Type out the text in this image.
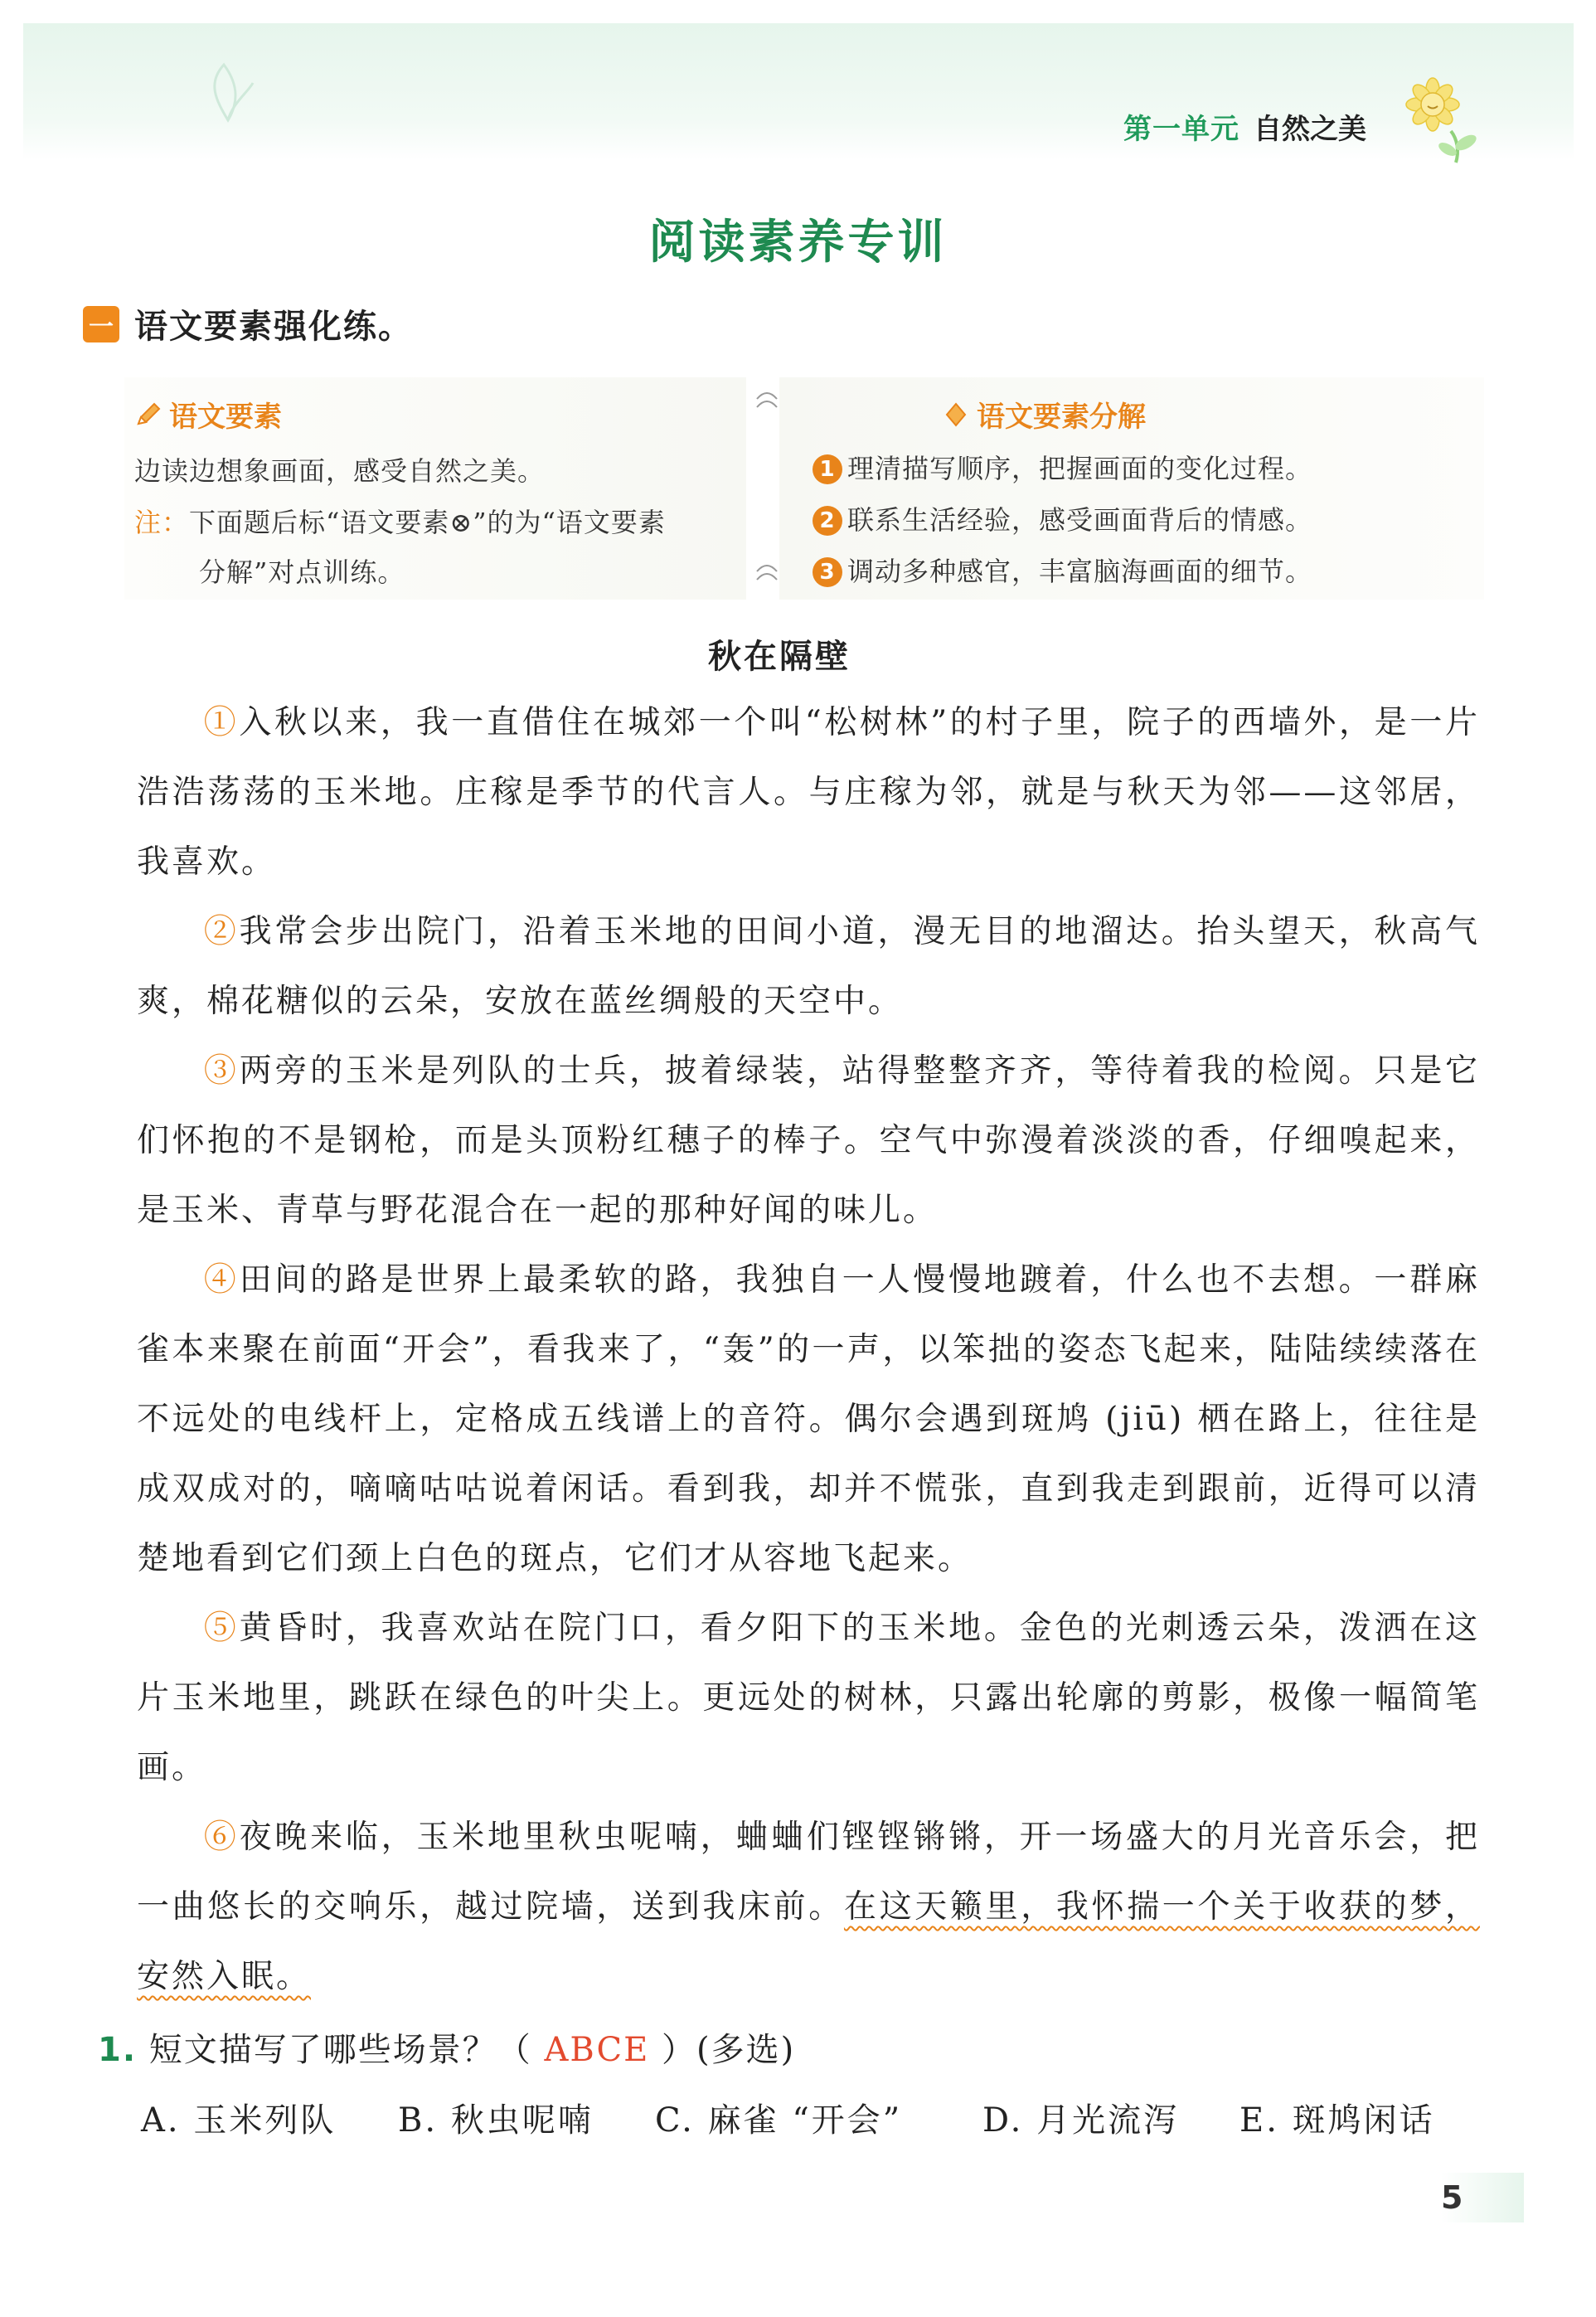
第一单元 自然之美
阅读素养专训
一 语文要素强化练。
语文要素
边读边想象画面，感受自然之美。
注：下面题后标“语文要素⊗”的为“语文要素
分解”对点训练。
语文要素分解
1 理清描写顺序，把握画面的变化过程。
2 联系生活经验，感受画面背后的情感。
3 调动多种感官，丰富脑海画面的细节。
秋在隔壁
①入秋以来，我一直借住在城郊一个叫“松树林”的村子里，院子的西墙外，是一片浩浩荡荡的玉米地。庄稼是季节的代言人。与庄稼为邻，就是与秋天为邻——这邻居，我喜欢。
②我常会步出院门，沿着玉米地的田间小道，漫无目的地溜达。抬头望天，秋高气爽，棉花糖似的云朵，安放在蓝丝绸般的天空中。
③两旁的玉米是列队的士兵，披着绿装，站得整整齐齐，等待着我的检阅。只是它们怀抱的不是钢枪，而是头顶粉红穗子的棒子。空气中弥漫着淡淡的香，仔细嗅起来，是玉米、青草与野花混合在一起的那种好闻的味儿。
④田间的路是世界上最柔软的路，我独自一人慢慢地踱着，什么也不去想。一群麻雀本来聚在前面“开会”，看我来了，“轰”的一声，以笨拙的姿态飞起来，陆陆续续落在不远处的电线杆上，定格成五线谱上的音符。偶尔会遇到斑鸠 (jiū) 栖在路上，往往是成双成对的，嘀嘀咕咕说着闲话。看到我，却并不慌张，直到我走到跟前，近得可以清楚地看到它们颈上白色的斑点，它们才从容地飞起来。
⑤黄昏时，我喜欢站在院门口，看夕阳下的玉米地。金色的光刺透云朵，泼洒在这片玉米地里，跳跃在绿色的叶尖上。更远处的树林，只露出轮廓的剪影，极像一幅简笔画。
⑥夜晚来临，玉米地里秋虫呢喃，蛐蛐们铿铿锵锵，开一场盛大的月光音乐会，把一曲悠长的交响乐，越过院墙，送到我床前。在这天籁里，我怀揣一个关于收获的梦，安然入眠。
1. 短文描写了哪些场景？（ ABCE ）(多选)
A. 玉米列队 B. 秋虫呢喃 C. 麻雀 “开会” D. 月光流泻 E. 斑鸠闲话
5
